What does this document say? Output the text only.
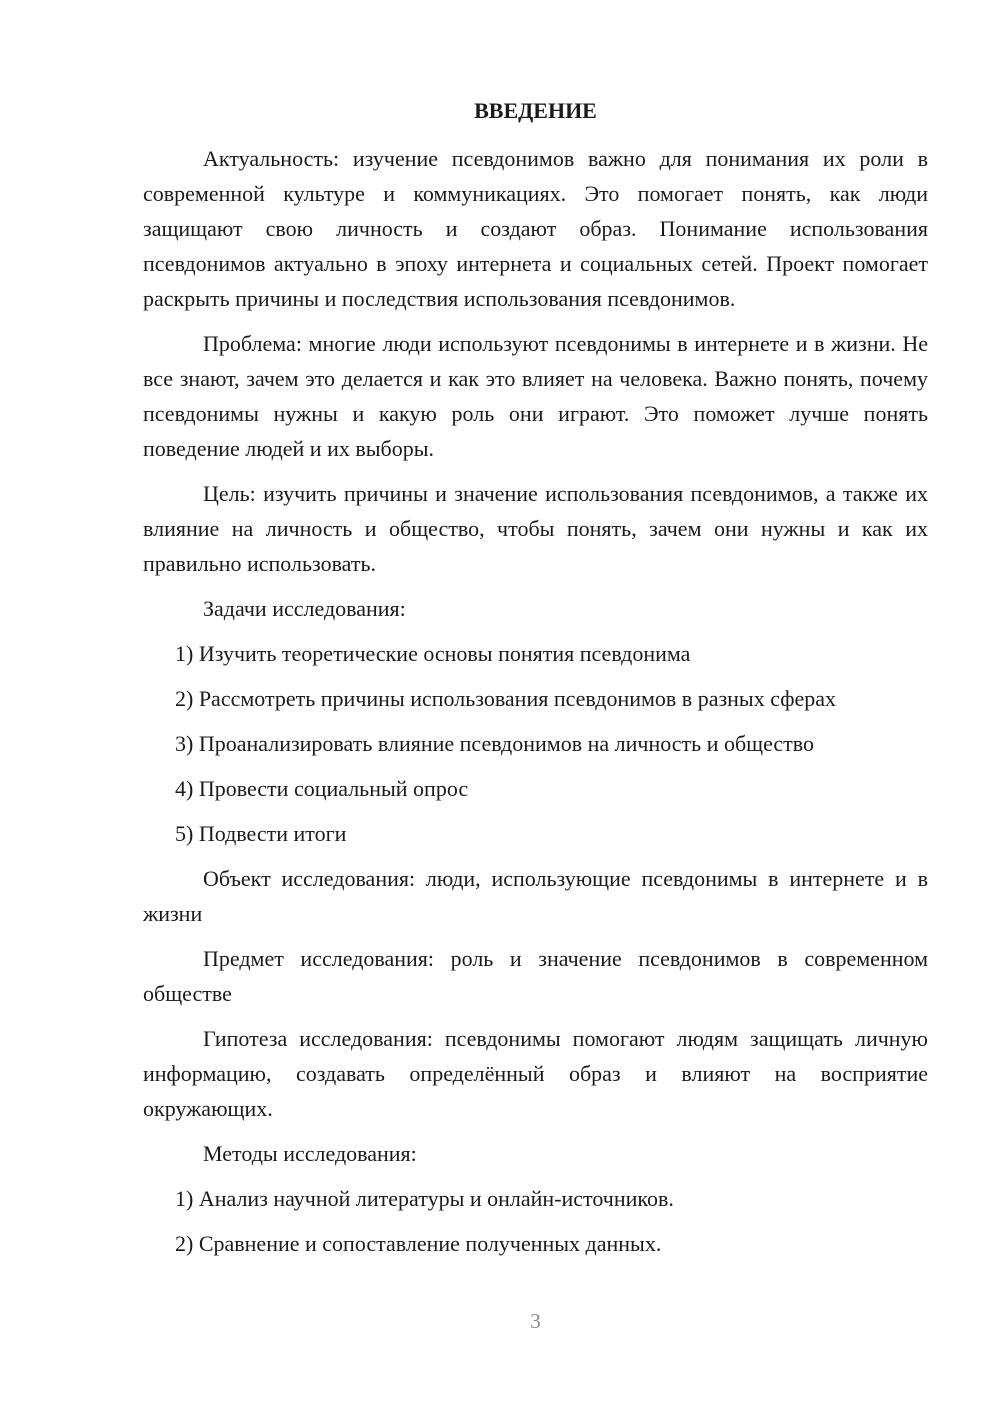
ВВЕДЕНИЕ

Актуальность: изучение псевдонимов важно для понимания их роли в современной культуре и коммуникациях. Это помогает понять, как люди защищают свою личность и создают образ. Понимание использования псевдонимов актуально в эпоху интернета и социальных сетей. Проект помогает раскрыть причины и последствия использования псевдонимов.

Проблема: многие люди используют псевдонимы в интернете и в жизни. Не все знают, зачем это делается и как это влияет на человека. Важно понять, почему псевдонимы нужны и какую роль они играют. Это поможет лучше понять поведение людей и их выборы.

Цель: изучить причины и значение использования псевдонимов, а также их влияние на личность и общество, чтобы понять, зачем они нужны и как их правильно использовать.

Задачи исследования:

1) Изучить теоретические основы понятия псевдонима

2) Рассмотреть причины использования псевдонимов в разных сферах

3) Проанализировать влияние псевдонимов на личность и общество

4) Провести социальный опрос

5) Подвести итоги

Объект исследования: люди, использующие псевдонимы в интернете и в жизни

Предмет исследования: роль и значение псевдонимов в современном обществе

Гипотеза исследования: псевдонимы помогают людям защищать личную информацию, создавать определённый образ и влияют на восприятие окружающих.

Методы исследования:

1) Анализ научной литературы и онлайн-источников.

2) Сравнение и сопоставление полученных данных.

3
